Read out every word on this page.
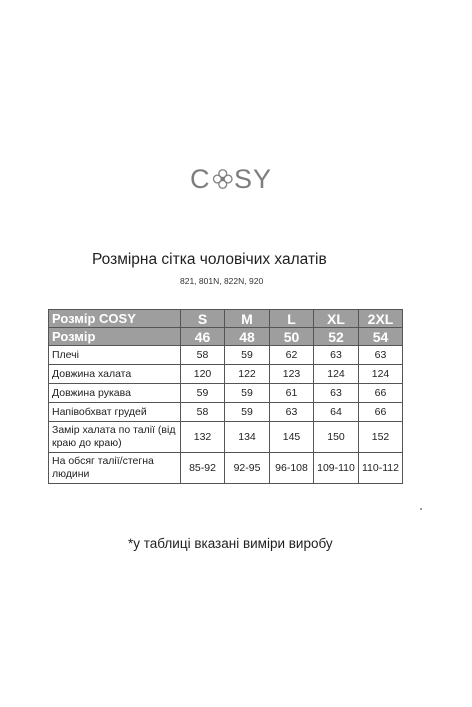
C SY
Розмірна сітка чоловічих халатів
821, 801N, 822N, 920
Розмір COSY	S	M	L	XL	2XL
Розмір	46	48	50	52	54
Плечі	58	59	62	63	63
Довжина халата	120	122	123	124	124
Довжина рукава	59	59	61	63	66
Напівобхват грудей	58	59	63	64	66
Замір халата по талії (від краю до краю)	132	134	145	150	152
На обсяг талії/стегна людини	85-92	92-95	96-108	109-110	110-112
*у таблиці вказані виміри виробу
